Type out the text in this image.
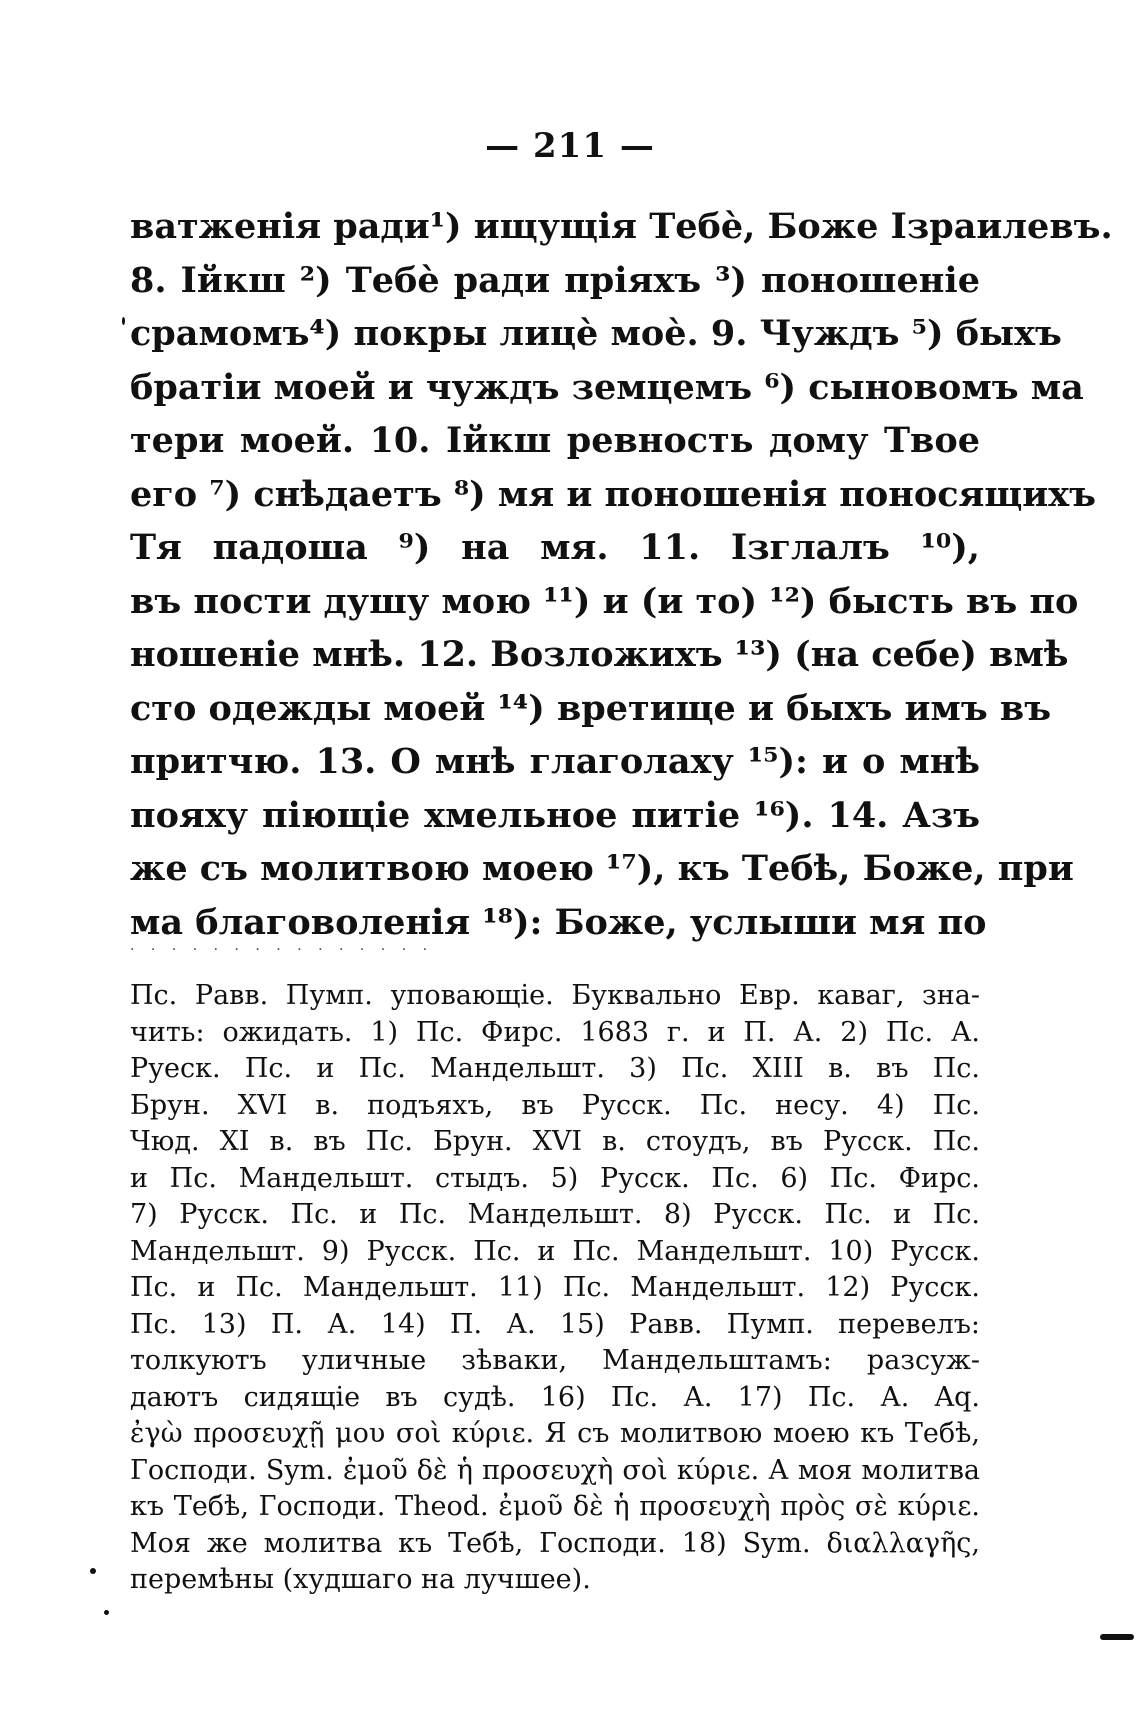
— 211 —
ватженія ради¹) ищущія Тебѐ, Боже Ізраилевъ.
8. Ійкш ²) Тебѐ ради пріяхъ ³) поношеніе
срамомъ⁴) покры лицѐ моѐ. 9. Чуждъ ⁵) быхъ
братіи моей и чуждъ земцемъ ⁶) сыновомъ ма
тери моей. 10. Ійкш ревность дому Твое
его ⁷) снѣдаетъ ⁸) мя и поношенія поносящихъ
Тя падоша ⁹) на мя. 11. Ізглалъ ¹⁰),
въ пости душу мою ¹¹) и (и то) ¹²) бысть въ по
ношеніе мнѣ. 12. Возложихъ ¹³) (на себе) вмѣ
сто одежды моей ¹⁴) вретище и быхъ имъ въ
притчю. 13. О мнѣ глаголаху ¹⁵): и о мнѣ
пояху піющіе хмельное питіе ¹⁶). 14. Азъ
же съ молитвою моею ¹⁷), къ Тебѣ, Боже, при
ма благоволенія ¹⁸): Боже, услыши мя по
· · · · · · · · · · · · · · ·
Пс. Равв. Пумп. уповающіе. Буквально Евр. кавaг, зна-
чить: ожидать. 1) Пс. Фирс. 1683 г. и П. А. 2) Пс. А.
Руеск. Пс. и Пс. Мандельшт. 3) Пс. XIII в. въ Пс.
Брун. XVI в. подъяхъ, въ Русск. Пс. несу. 4) Пс.
Чюд. XI в. въ Пс. Брун. XVI в. стоудъ, въ Русск. Пс.
и Пс. Мандельшт. стыдъ. 5) Русск. Пс. 6) Пс. Фирс.
7) Русск. Пс. и Пс. Мандельшт. 8) Русск. Пс. и Пс.
Мандельшт. 9) Русск. Пс. и Пс. Мандельшт. 10) Русск.
Пс. и Пс. Мандельшт. 11) Пс. Мандельшт. 12) Русск.
Пс. 13) П. А. 14) П. А. 15) Равв. Пумп. перевелъ:
толкуютъ уличные зѣваки, Мандельштамъ: разсуж-
даютъ сидящіе въ судѣ. 16) Пс. А. 17) Пс. А. Aq.
ἐγὼ προσευχῇ μου σοὶ κύριε. Я съ молитвою моею къ Тебѣ,
Господи. Sym. ἐμοῦ δὲ ἡ προσευχὴ σοὶ κύριε. А моя молитва
къ Тебѣ, Господи. Theod. ἐμοῦ δὲ ἡ προσευχὴ πρὸς σὲ κύριε.
Моя же молитва къ Тебѣ, Господи. 18) Sym. διαλλαγῆς,
перемѣны (худшаго на лучшее).
